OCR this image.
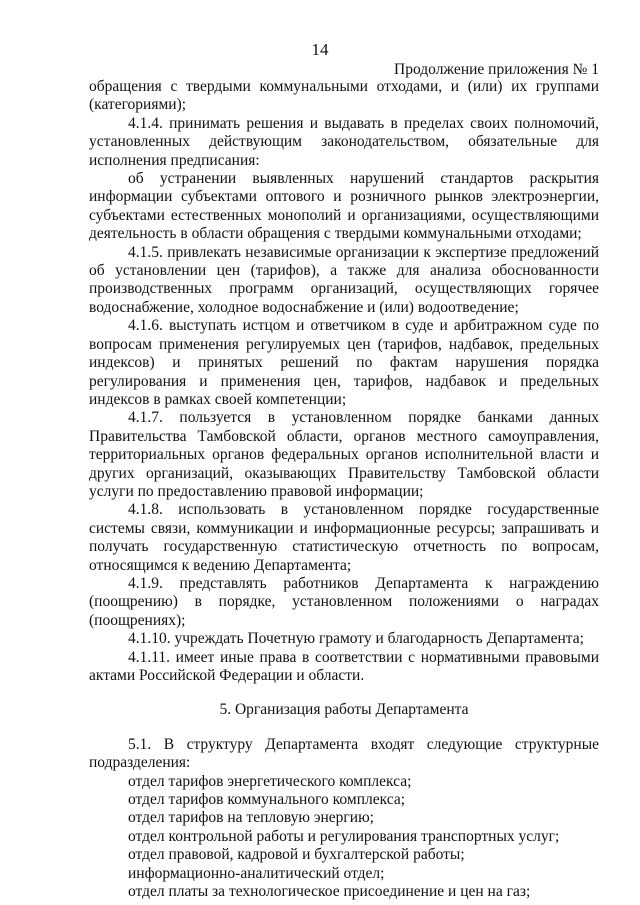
14
Продолжение приложения № 1

обращения с твердыми коммунальными отходами, и (или) их группами (категориями);

4.1.4. принимать решения и выдавать в пределах своих полномочий, установленных действующим законодательством, обязательные для исполнения предписания:

об устранении выявленных нарушений стандартов раскрытия информации субъектами оптового и розничного рынков электроэнергии, субъектами естественных монополий и организациями, осуществляющими деятельность в области обращения с твердыми коммунальными отходами;

4.1.5. привлекать независимые организации к экспертизе предложений об установлении цен (тарифов), а также для анализа обоснованности производственных программ организаций, осуществляющих горячее водоснабжение, холодное водоснабжение и (или) водоотведение;

4.1.6. выступать истцом и ответчиком в суде и арбитражном суде по вопросам применения регулируемых цен (тарифов, надбавок, предельных индексов) и принятых решений по фактам нарушения порядка регулирования и применения цен, тарифов, надбавок и предельных индексов в рамках своей компетенции;

4.1.7. пользуется в установленном порядке банками данных Правительства Тамбовской области, органов местного самоуправления, территориальных органов федеральных органов исполнительной власти и других организаций, оказывающих Правительству Тамбовской области услуги по предоставлению правовой информации;

4.1.8. использовать в установленном порядке государственные системы связи, коммуникации и информационные ресурсы; запрашивать и получать государственную статистическую отчетность по вопросам, относящимся к ведению Департамента;

4.1.9. представлять работников Департамента к награждению (поощрению) в порядке, установленном положениями о наградах (поощрениях);

4.1.10. учреждать Почетную грамоту и благодарность Департамента;

4.1.11. имеет иные права в соответствии с нормативными правовыми актами Российской Федерации и области.

5. Организация работы Департамента

5.1. В структуру Департамента входят следующие структурные подразделения:

отдел тарифов энергетического комплекса;

отдел тарифов коммунального комплекса;

отдел тарифов на тепловую энергию;

отдел контрольной работы и регулирования транспортных услуг;

отдел правовой, кадровой и бухгалтерской работы;

информационно-аналитический отдел;

отдел платы за технологическое присоединение и цен на газ;
